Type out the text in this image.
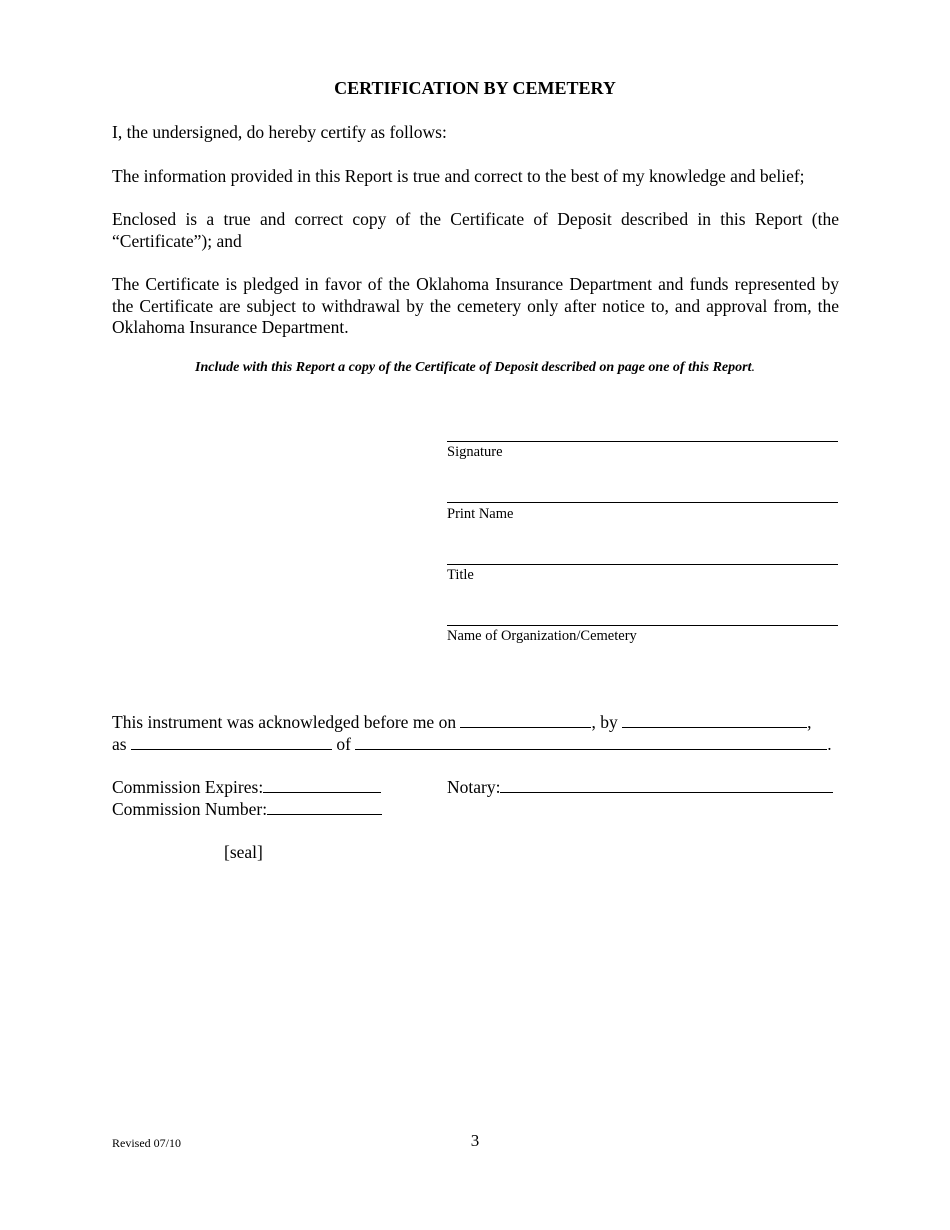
CERTIFICATION BY CEMETERY
I, the undersigned, do hereby certify as follows:
The information provided in this Report is true and correct to the best of my knowledge and belief;
Enclosed is a true and correct copy of the Certificate of Deposit described in this Report (the “Certificate”); and
The Certificate is pledged in favor of the Oklahoma Insurance Department and funds represented by the Certificate are subject to withdrawal by the cemetery only after notice to, and approval from, the Oklahoma Insurance Department.
Include with this Report a copy of the Certificate of Deposit described on page one of this Report.
Signature
Print Name
Title
Name of Organization/Cemetery
This instrument was acknowledged before me on	, by	,
as	of	.
Commission Expires:	Notary:
Commission Number:
[seal]
Revised 07/10	3
